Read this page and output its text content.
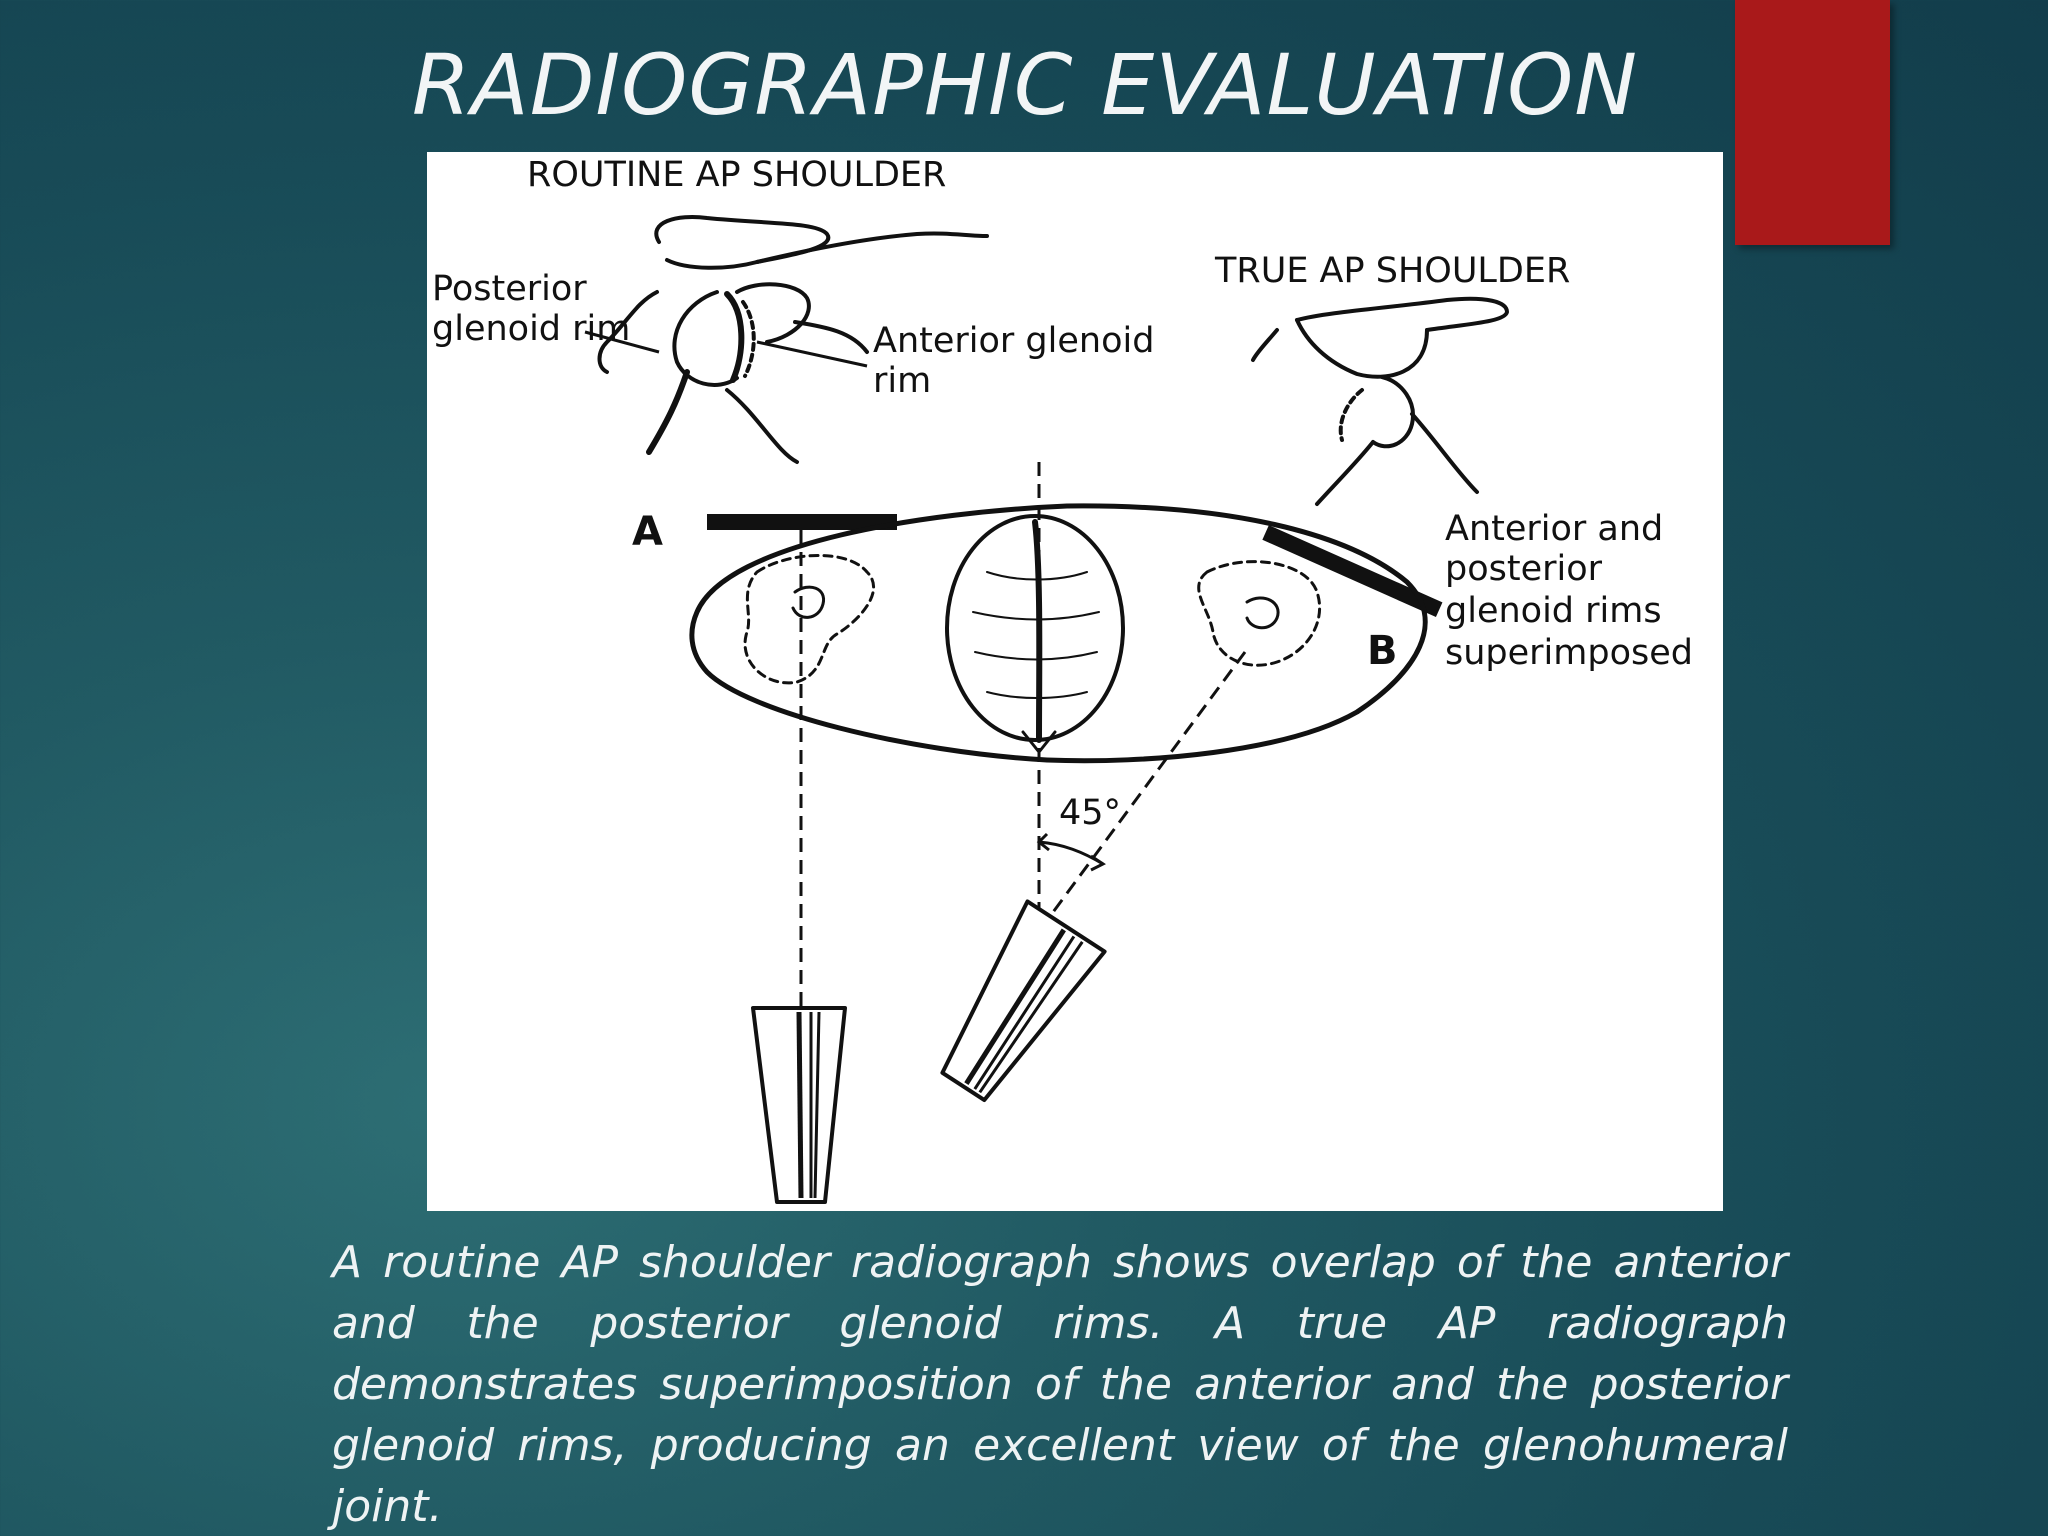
RADIOGRAPHIC EVALUATION
ROUTINE AP SHOULDER
TRUE AP SHOULDER
Posterior
glenoid rim	Anterior glenoid
rim
Anterior and
posterior
glenoid rims
superimposed
A
B
45°

A routine AP shoulder radiograph shows overlap of the anterior and the posterior glenoid rims. A true AP radiograph demonstrates superimposition of the anterior and the posterior glenoid rims, producing an excellent view of the glenohumeral joint.
